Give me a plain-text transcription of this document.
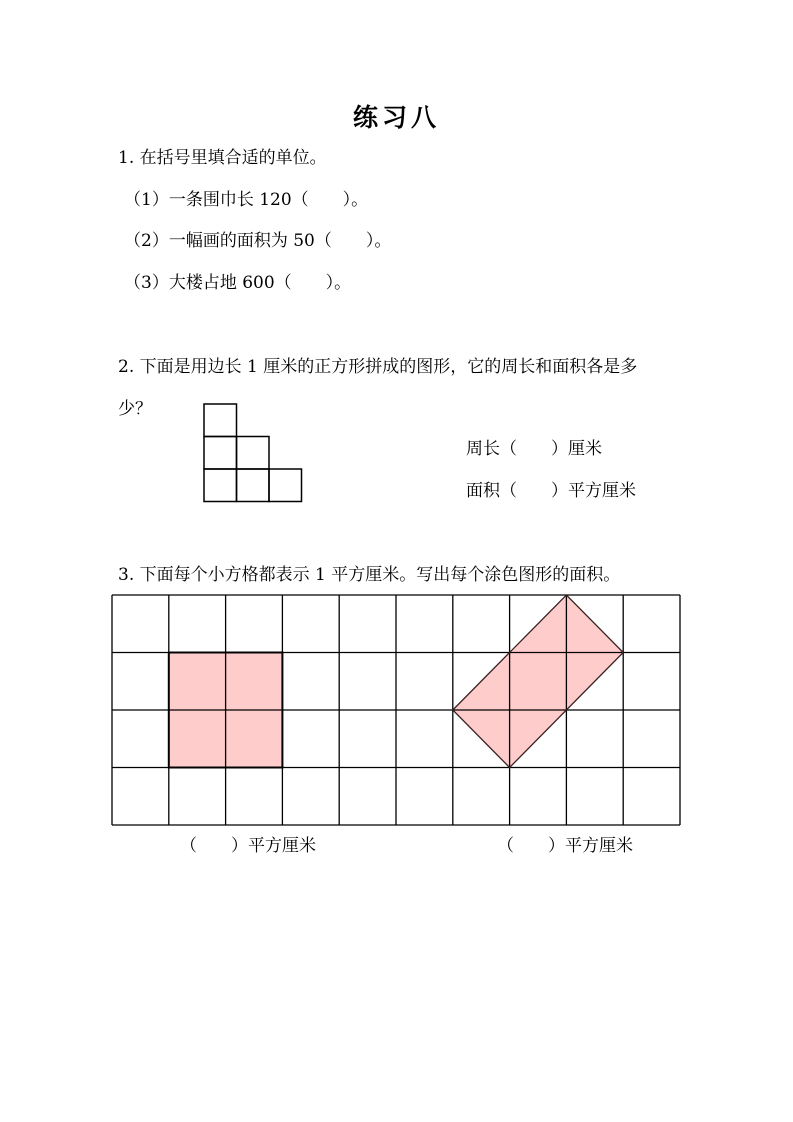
练习八
1. 在括号里填合适的单位。
（1）一条围巾长 120（　　）。
（2）一幅画的面积为 50（　　）。
（3）大楼占地 600（　　）。
2. 下面是用边长 1 厘米的正方形拼成的图形，它的周长和面积各是多
少？
周长（　　）厘米
面积（　　）平方厘米
3. 下面每个小方格都表示 1 平方厘米。写出每个涂色图形的面积。
（　　）平方厘米	（　　）平方厘米
